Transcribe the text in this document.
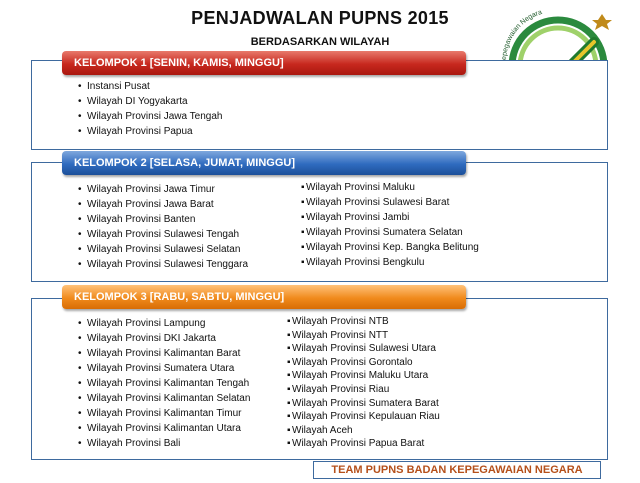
PENJADWALAN PUPNS 2015
BERDASARKAN WILAYAH
epegawaian Negara
• Instansi Pusat
• Wilayah DI Yogyakarta
• Wilayah Provinsi Jawa Tengah
• Wilayah Provinsi Papua
KELOMPOK 1 [SENIN, KAMIS, MINGGU]
• Wilayah Provinsi Jawa Timur
• Wilayah Provinsi Jawa Barat
• Wilayah Provinsi Banten
• Wilayah Provinsi Sulawesi Tengah
• Wilayah Provinsi Sulawesi Selatan
• Wilayah Provinsi Sulawesi Tenggara
▪ Wilayah Provinsi Maluku
▪ Wilayah Provinsi Sulawesi Barat
▪ Wilayah Provinsi Jambi
▪ Wilayah Provinsi Sumatera Selatan
▪ Wilayah Provinsi Kep. Bangka Belitung
▪ Wilayah Provinsi Bengkulu
KELOMPOK 2 [SELASA, JUMAT, MINGGU]
• Wilayah Provinsi Lampung
• Wilayah Provinsi DKI Jakarta
• Wilayah Provinsi Kalimantan Barat
• Wilayah Provinsi Sumatera Utara
• Wilayah Provinsi Kalimantan Tengah
• Wilayah Provinsi Kalimantan Selatan
• Wilayah Provinsi Kalimantan Timur
• Wilayah Provinsi Kalimantan Utara
• Wilayah Provinsi Bali
▪ Wilayah Provinsi NTB
▪ Wilayah Provinsi NTT
▪ Wilayah Provinsi Sulawesi Utara
▪ Wilayah Provinsi Gorontalo
▪ Wilayah Provinsi Maluku Utara
▪ Wilayah Provinsi Riau
▪ Wilayah Provinsi Sumatera Barat
▪ Wilayah Provinsi Kepulauan Riau
▪ Wilayah Aceh
▪ Wilayah Provinsi Papua Barat
KELOMPOK 3 [RABU, SABTU, MINGGU]
TEAM PUPNS BADAN KEPEGAWAIAN NEGARA
